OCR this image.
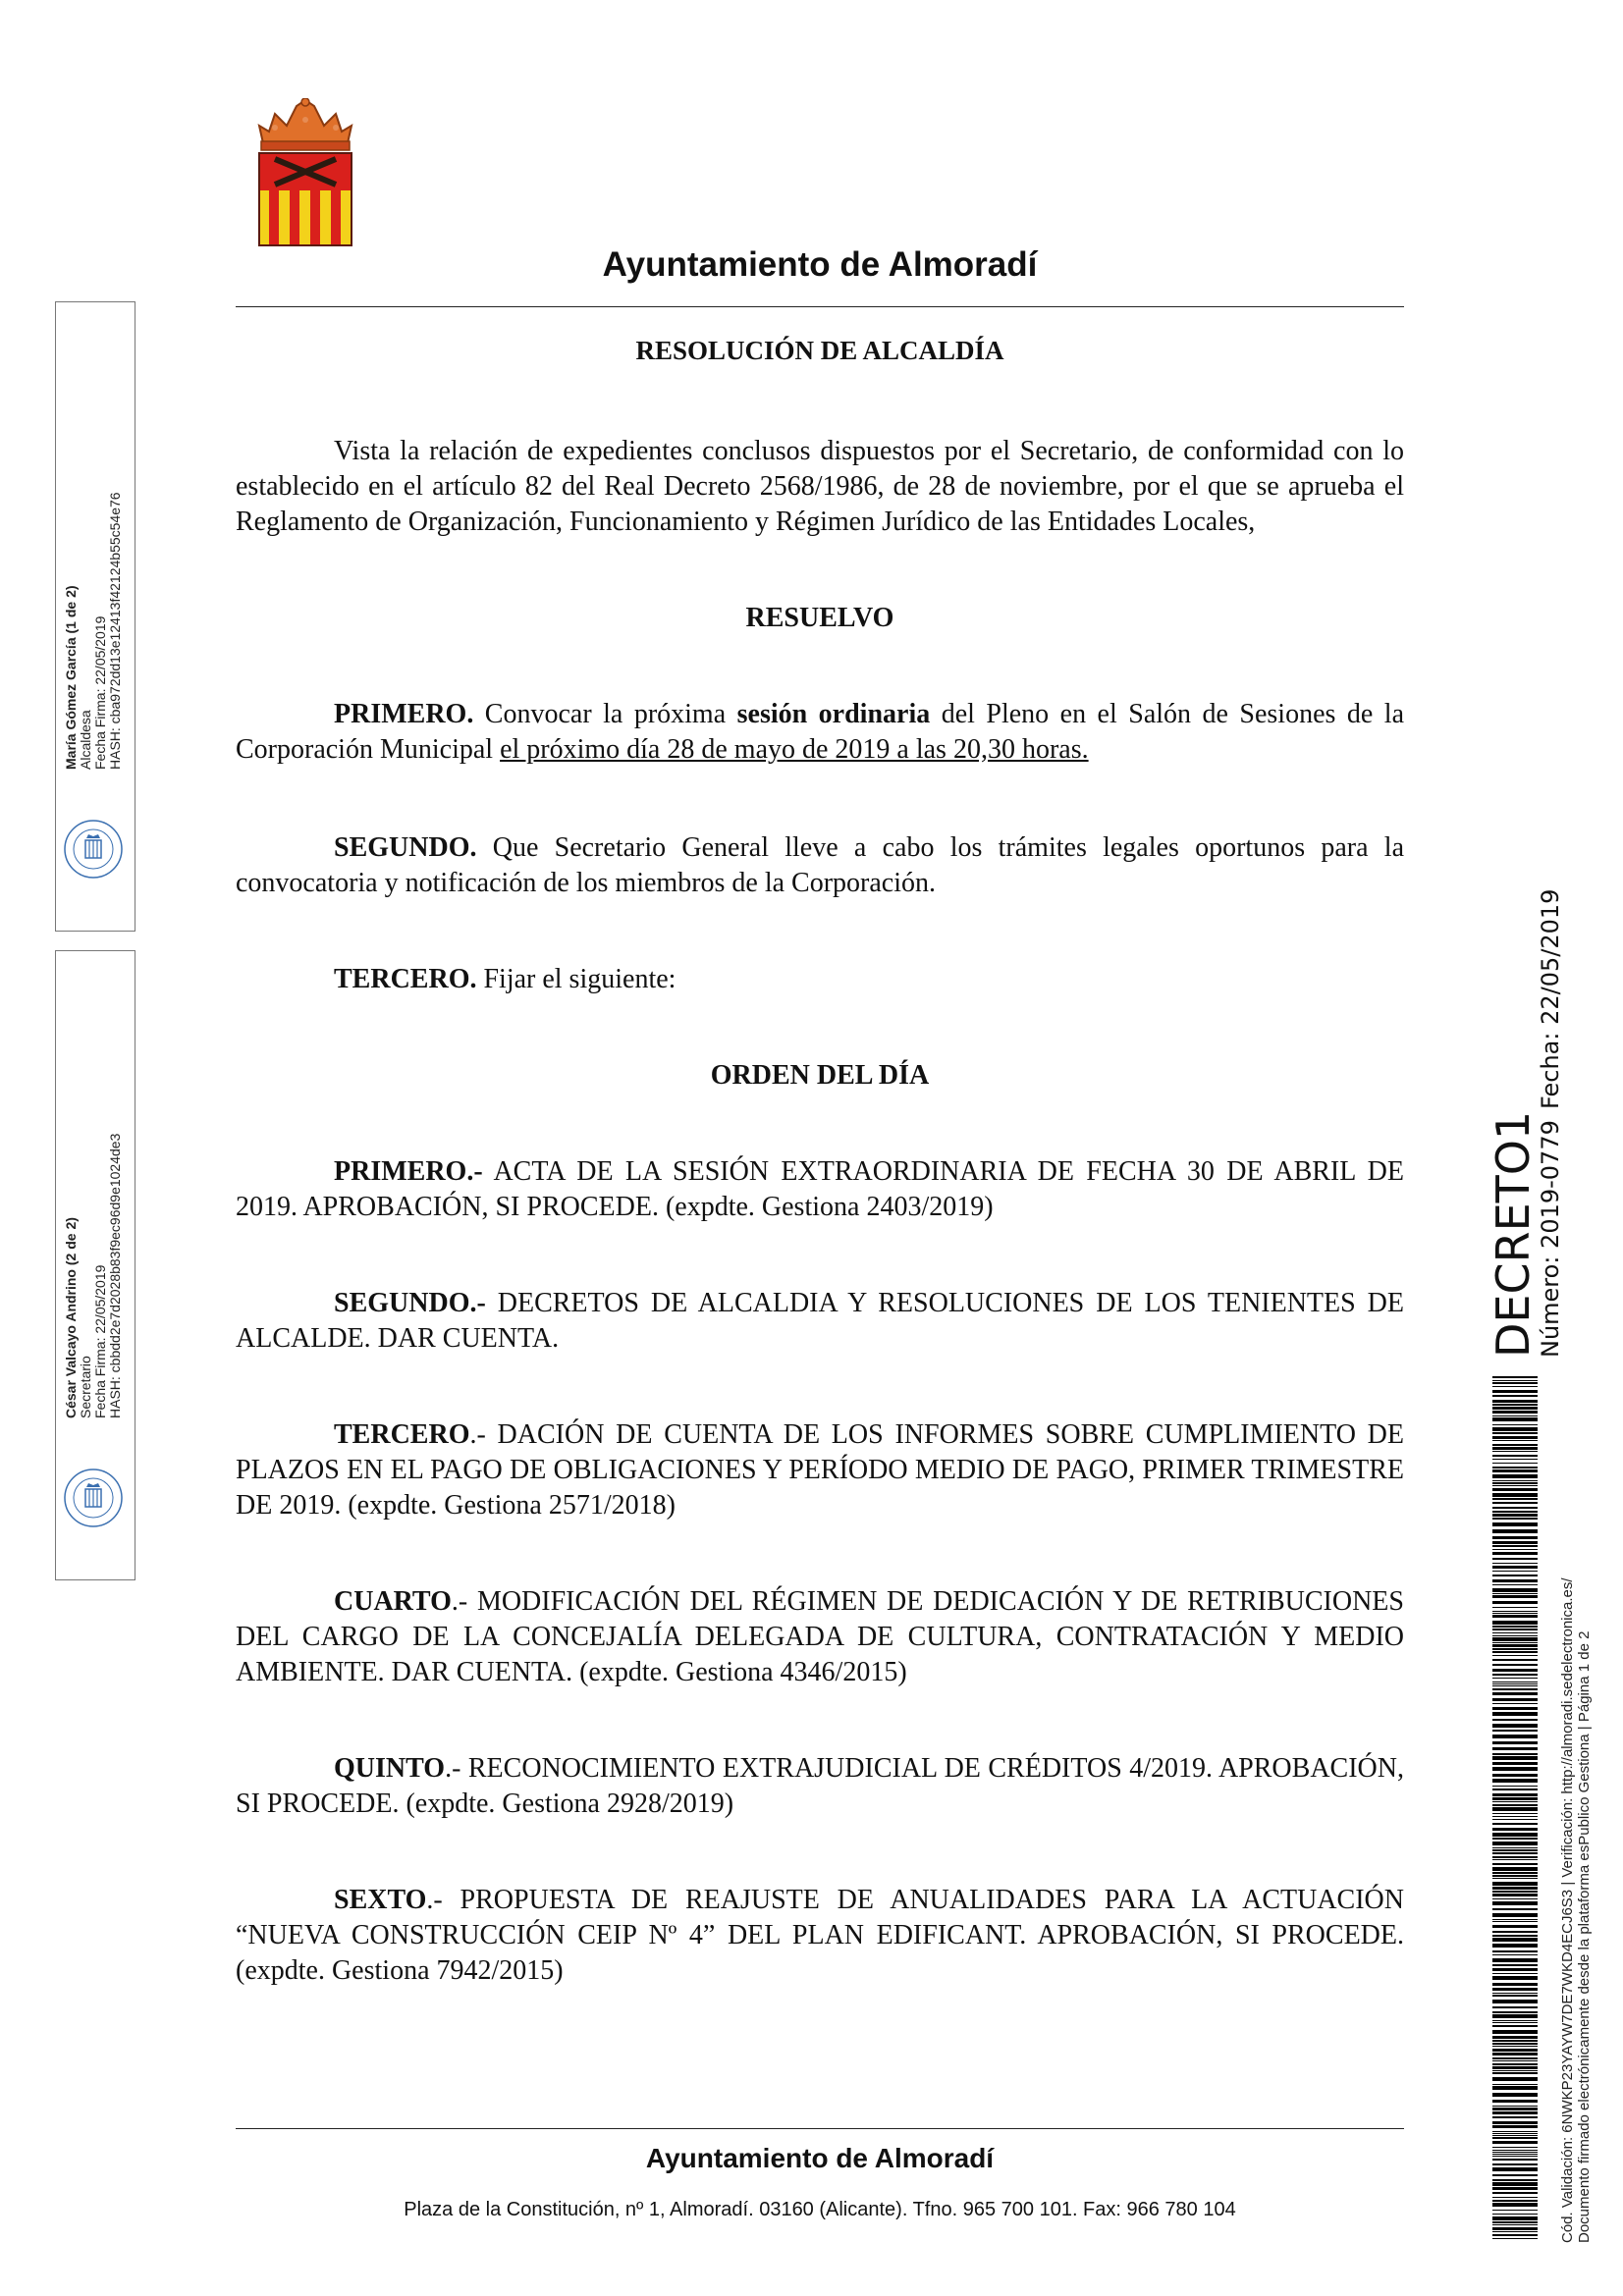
Ayuntamiento de Almoradí
RESOLUCIÓN DE ALCALDÍA

Vista la relación de expedientes conclusos dispuestos por el Secretario, de conformidad con lo establecido en el artículo 82 del Real Decreto 2568/1986, de 28 de noviembre, por el que se aprueba el Reglamento de Organización, Funcionamiento y Régimen Jurídico de las Entidades Locales,

RESUELVO

PRIMERO. Convocar la próxima sesión ordinaria del Pleno en el Salón de Sesiones de la Corporación Municipal el próximo día 28 de mayo de 2019 a las 20,30 horas.

SEGUNDO. Que Secretario General lleve a cabo los trámites legales oportunos para la convocatoria y notificación de los miembros de la Corporación.

TERCERO. Fijar el siguiente:

ORDEN DEL DÍA

PRIMERO.- ACTA DE LA SESIÓN EXTRAORDINARIA DE FECHA 30 DE ABRIL DE 2019. APROBACIÓN, SI PROCEDE. (expdte. Gestiona 2403/2019)

SEGUNDO.- DECRETOS DE ALCALDIA Y RESOLUCIONES DE LOS TENIENTES DE ALCALDE. DAR CUENTA.

TERCERO.- DACIÓN DE CUENTA DE LOS INFORMES SOBRE CUMPLIMIENTO DE PLAZOS EN EL PAGO DE OBLIGACIONES Y PERÍODO MEDIO DE PAGO, PRIMER TRIMESTRE DE 2019. (expdte. Gestiona 2571/2018)

CUARTO.- MODIFICACIÓN DEL RÉGIMEN DE DEDICACIÓN Y DE RETRIBUCIONES DEL CARGO DE LA CONCEJALÍA DELEGADA DE CULTURA, CONTRATACIÓN Y MEDIO AMBIENTE. DAR CUENTA. (expdte. Gestiona 4346/2015)

QUINTO.- RECONOCIMIENTO EXTRAJUDICIAL DE CRÉDITOS 4/2019. APROBACIÓN, SI PROCEDE. (expdte. Gestiona 2928/2019)

SEXTO.- PROPUESTA DE REAJUSTE DE ANUALIDADES PARA LA ACTUACIÓN “NUEVA CONSTRUCCIÓN CEIP Nº 4” DEL PLAN EDIFICANT. APROBACIÓN, SI PROCEDE. (expdte. Gestiona 7942/2015)

Ayuntamiento de Almoradí
Plaza de la Constitución, nº 1, Almoradí. 03160 (Alicante). Tfno. 965 700 101. Fax: 966 780 104
María Gómez García (1 de 2) Alcaldesa Fecha Firma: 22/05/2019 HASH: cba972dd13e12413f42124b55c54e76
César Valcayo Andrino (2 de 2) Secretario Fecha Firma: 22/05/2019 HASH: cbbdd2e7d2028b83f9ec96d9e1024de3	DECRETO1
Número: 2019-0779
Fecha: 22/05/2019
Cód. Validación: 6NWKP23YAYW7DE7WKD4ECJ6S3 | Verificación: http://almoradi.sedelectronica.es/ Documento firmado electrónicamente desde la plataforma esPublico Gestiona | Página 1 de 2
